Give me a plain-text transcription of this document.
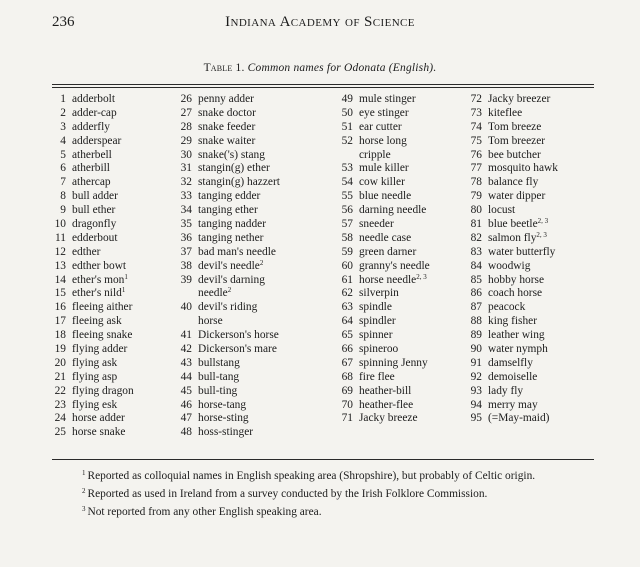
236	Indiana Academy of Science
Table 1. Common names for Odonata (English).
1 adderbolt
2 adder-cap
3 adderfly
4 adderspear
5 atherbell
6 atherbill
7 athercap
8 bull adder
9 bull ether
10 dragonfly
11 edderbout
12 edther
13 edther bowt
14 ether's mon$^1$
15 ether's nild$^1$
16 fleeing aither
17 fleeing ask
18 fleeing snake
19 flying adder
20 flying ask
21 flying asp
22 flying dragon
23 flying esk
24 horse adder
25 horse snake
26 penny adder
27 snake doctor
28 snake feeder
29 snake waiter
30 snake('s) stang
31 stangin(g) ether
32 stangin(g) hazzert
33 tanging edder
34 tanging ether
35 tanging nadder
36 tanging nether
37 bad man's needle
38 devil's needle$^2$
39 devil's darning
needle$^2$
40 devil's riding
horse
41 Dickerson's horse
42 Dickerson's mare
43 bullstang
44 bull-tang
45 bull-ting
46 horse-tang
47 horse-sting
48 hoss-stinger
49 mule stinger
50 eye stinger
51 ear cutter
52 horse long
cripple
53 mule killer
54 cow killer
55 blue needle
56 darning needle
57 sneeder
58 needle case
59 green darner
60 granny's needle
61 horse needle$^{2, 3}$
62 silverpin
63 spindle
64 spindler
65 spinner
66 spineroo
67 spinning Jenny
68 fire flee
69 heather-bill
70 heather-flee
71 Jacky breeze
72 Jacky breezer
73 kiteflee
74 Tom breeze
75 Tom breezer
76 bee butcher
77 mosquito hawk
78 balance fly
79 water dipper
80 locust
81 blue beetle$^{2, 3}$
82 salmon fly$^{2, 3}$
83 water butterfly
84 woodwig
85 hobby horse
86 coach horse
87 peacock
88 king fisher
89 leather wing
90 water nymph
91 damselfly
92 demoiselle
93 lady fly
94 merry may
95 (=May-maid)
$^1$ Reported as colloquial names in English speaking area (Shropshire), but probably of Celtic origin.
$^2$ Reported as used in Ireland from a survey conducted by the Irish Folklore Commission.
$^3$ Not reported from any other English speaking area.
